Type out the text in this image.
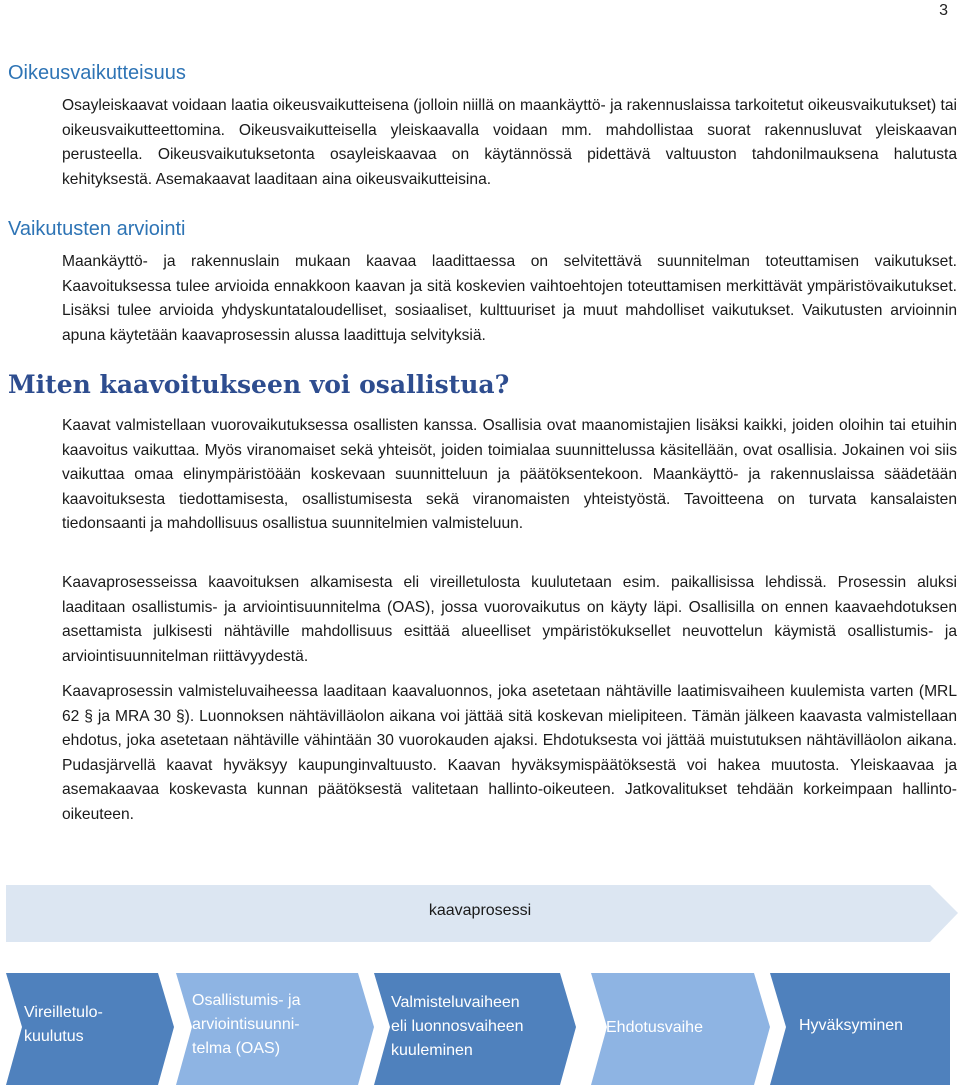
3
Oikeusvaikutteisuus

Osayleiskaavat voidaan laatia oikeusvaikutteisena (jolloin niillä on maankäyttö- ja rakennuslaissa tarkoitetut oikeusvaikutukset) tai oikeusvaikutteettomina. Oikeusvaikutteisella yleiskaavalla voidaan mm. mahdollistaa suorat rakennusluvat yleiskaavan perusteella. Oikeusvaikutuksetonta osayleiskaavaa on käytännössä pidettävä valtuuston tahdonilmauksena halutusta kehityksestä. Asemakaavat laaditaan aina oikeusvaikutteisina.

Vaikutusten arviointi

Maankäyttö- ja rakennuslain mukaan kaavaa laadittaessa on selvitettävä suunnitelman toteuttamisen vaikutukset. Kaavoituksessa tulee arvioida ennakkoon kaavan ja sitä koskevien vaihtoehtojen toteuttamisen merkittävät ympäristövaikutukset. Lisäksi tulee arvioida yhdyskuntataloudelliset, sosiaaliset, kulttuuriset ja muut mahdolliset vaikutukset. Vaikutusten arvioinnin apuna käytetään kaavaprosessin alussa laadittuja selvityksiä.

Miten kaavoitukseen voi osallistua?

Kaavat valmistellaan vuorovaikutuksessa osallisten kanssa. Osallisia ovat maanomistajien lisäksi kaikki, joiden oloihin tai etuihin kaavoitus vaikuttaa. Myös viranomaiset sekä yhteisöt, joiden toimialaa suunnittelussa käsitellään, ovat osallisia. Jokainen voi siis vaikuttaa omaa elinympäristöään koskevaan suunnitteluun ja päätöksentekoon. Maankäyttö- ja rakennuslaissa säädetään kaavoituksesta tiedottamisesta, osallistumisesta sekä viranomaisten yhteistyöstä. Tavoitteena on turvata kansalaisten tiedonsaanti ja mahdollisuus osallistua suunnitelmien valmisteluun.

Kaavaprosesseissa kaavoituksen alkamisesta eli vireilletulosta kuulutetaan esim. paikallisissa lehdissä. Prosessin aluksi laaditaan osallistumis- ja arviointisuunnitelma (OAS), jossa vuorovaikutus on käyty läpi. Osallisilla on ennen kaavaehdotuksen asettamista julkisesti nähtäville mahdollisuus esittää alueelliset ympäristökuksellet neuvottelun käymistä osallistumis- ja arviointisuunnitelman riittävyydestä.

Kaavaprosessin valmisteluvaiheessa laaditaan kaavaluonnos, joka asetetaan nähtäville laatimisvaiheen kuulemista varten (MRL 62 § ja MRA 30 §). Luonnoksen nähtävilläolon aikana voi jättää sitä koskevan mielipiteen. Tämän jälkeen kaavasta valmistellaan ehdotus, joka asetetaan nähtäville vähintään 30 vuorokauden ajaksi. Ehdotuksesta voi jättää muistutuksen nähtävilläolon aikana. Pudasjärvellä kaavat hyväksyy kaupunginvaltuusto. Kaavan hyväksymispäätöksestä voi hakea muutosta. Yleiskaavaa ja asemakaavaa koskevasta kunnan päätöksestä valitetaan hallinto-oikeuteen. Jatkovalitukset tehdään korkeimpaan hallinto-oikeuteen.

kaavaprosessi
Vireilletulo-
kuulutus
Osallistumis- ja
arviointisuunni-
telma (OAS)
Valmisteluvaiheen
eli luonnosvaiheen
kuuleminen
Ehdotusvaihe	Hyväksyminen
